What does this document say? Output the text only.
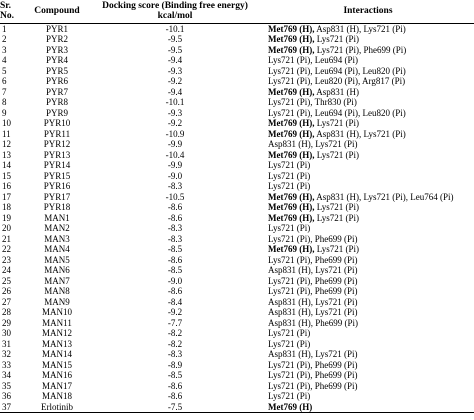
Sr.
No.	Compound	Docking score (Binding free energy) kcal/mol	Interactions
1	PYR1	-10.1	Met769 (H), Asp831 (H), Lys721 (Pi)
2	PYR2	-9.5	Met769 (H), Lys721 (Pi)
3	PYR3	-9.5	Met769 (H), Lys721 (Pi), Phe699 (Pi)
4	PYR4	-9.4	Lys721 (Pi), Leu694 (Pi)
5	PYR5	-9.3	Lys721 (Pi), Leu694 (Pi), Leu820 (Pi)
6	PYR6	-9.2	Lys721 (Pi), Leu820 (Pi), Arg817 (Pi)
7	PYR7	-9.4	Met769 (H), Asp831 (H)
8	PYR8	-10.1	Lys721 (Pi), Thr830 (Pi)
9	PYR9	-9.3	Lys721 (Pi), Leu694 (Pi), Leu820 (Pi)
10	PYR10	-9.2	Met769 (H), Lys721 (Pi)
11	PYR11	-10.9	Met769 (H), Asp831 (H), Lys721 (Pi)
12	PYR12	-9.9	Asp831 (H), Lys721 (Pi)
13	PYR13	-10.4	Met769 (H), Lys721 (Pi)
14	PYR14	-9.9	Lys721 (Pi)
15	PYR15	-9.0	Lys721 (Pi)
16	PYR16	-8.3	Lys721 (Pi)
17	PYR17	-10.5	Met769 (H), Asp831 (H), Lys721 (Pi), Leu764 (Pi)
18	PYR18	-8.6	Met769 (H), Lys721 (Pi)
19	MAN1	-8.6	Met769 (H), Lys721 (Pi)
20	MAN2	-8.3	Lys721 (Pi)
21	MAN3	-8.3	Lys721 (Pi), Phe699 (Pi)
22	MAN4	-8.5	Met769 (H), Lys721 (Pi)
23	MAN5	-8.6	Lys721 (Pi), Phe699 (Pi)
24	MAN6	-8.5	Asp831 (H), Lys721 (Pi)
25	MAN7	-9.0	Lys721 (Pi), Phe699 (Pi)
26	MAN8	-8.6	Lys721 (Pi), Phe699 (Pi)
27	MAN9	-8.4	Asp831 (H), Lys721 (Pi)
28	MAN10	-9.2	Asp831 (H), Lys721 (Pi)
29	MAN11	-7.7	Asp831 (H), Phe699 (Pi)
30	MAN12	-8.2	Lys721 (Pi)
31	MAN13	-8.2	Lys721 (Pi)
32	MAN14	-8.3	Asp831 (H), Lys721 (Pi)
33	MAN15	-8.9	Lys721 (Pi), Phe699 (Pi)
34	MAN16	-8.5	Lys721 (Pi), Phe699 (Pi)
35	MAN17	-8.6	Lys721 (Pi), Phe699 (Pi)
36	MAN18	-8.6	Lys721 (Pi)
37	Erlotinib	-7.5	Met769 (H)
